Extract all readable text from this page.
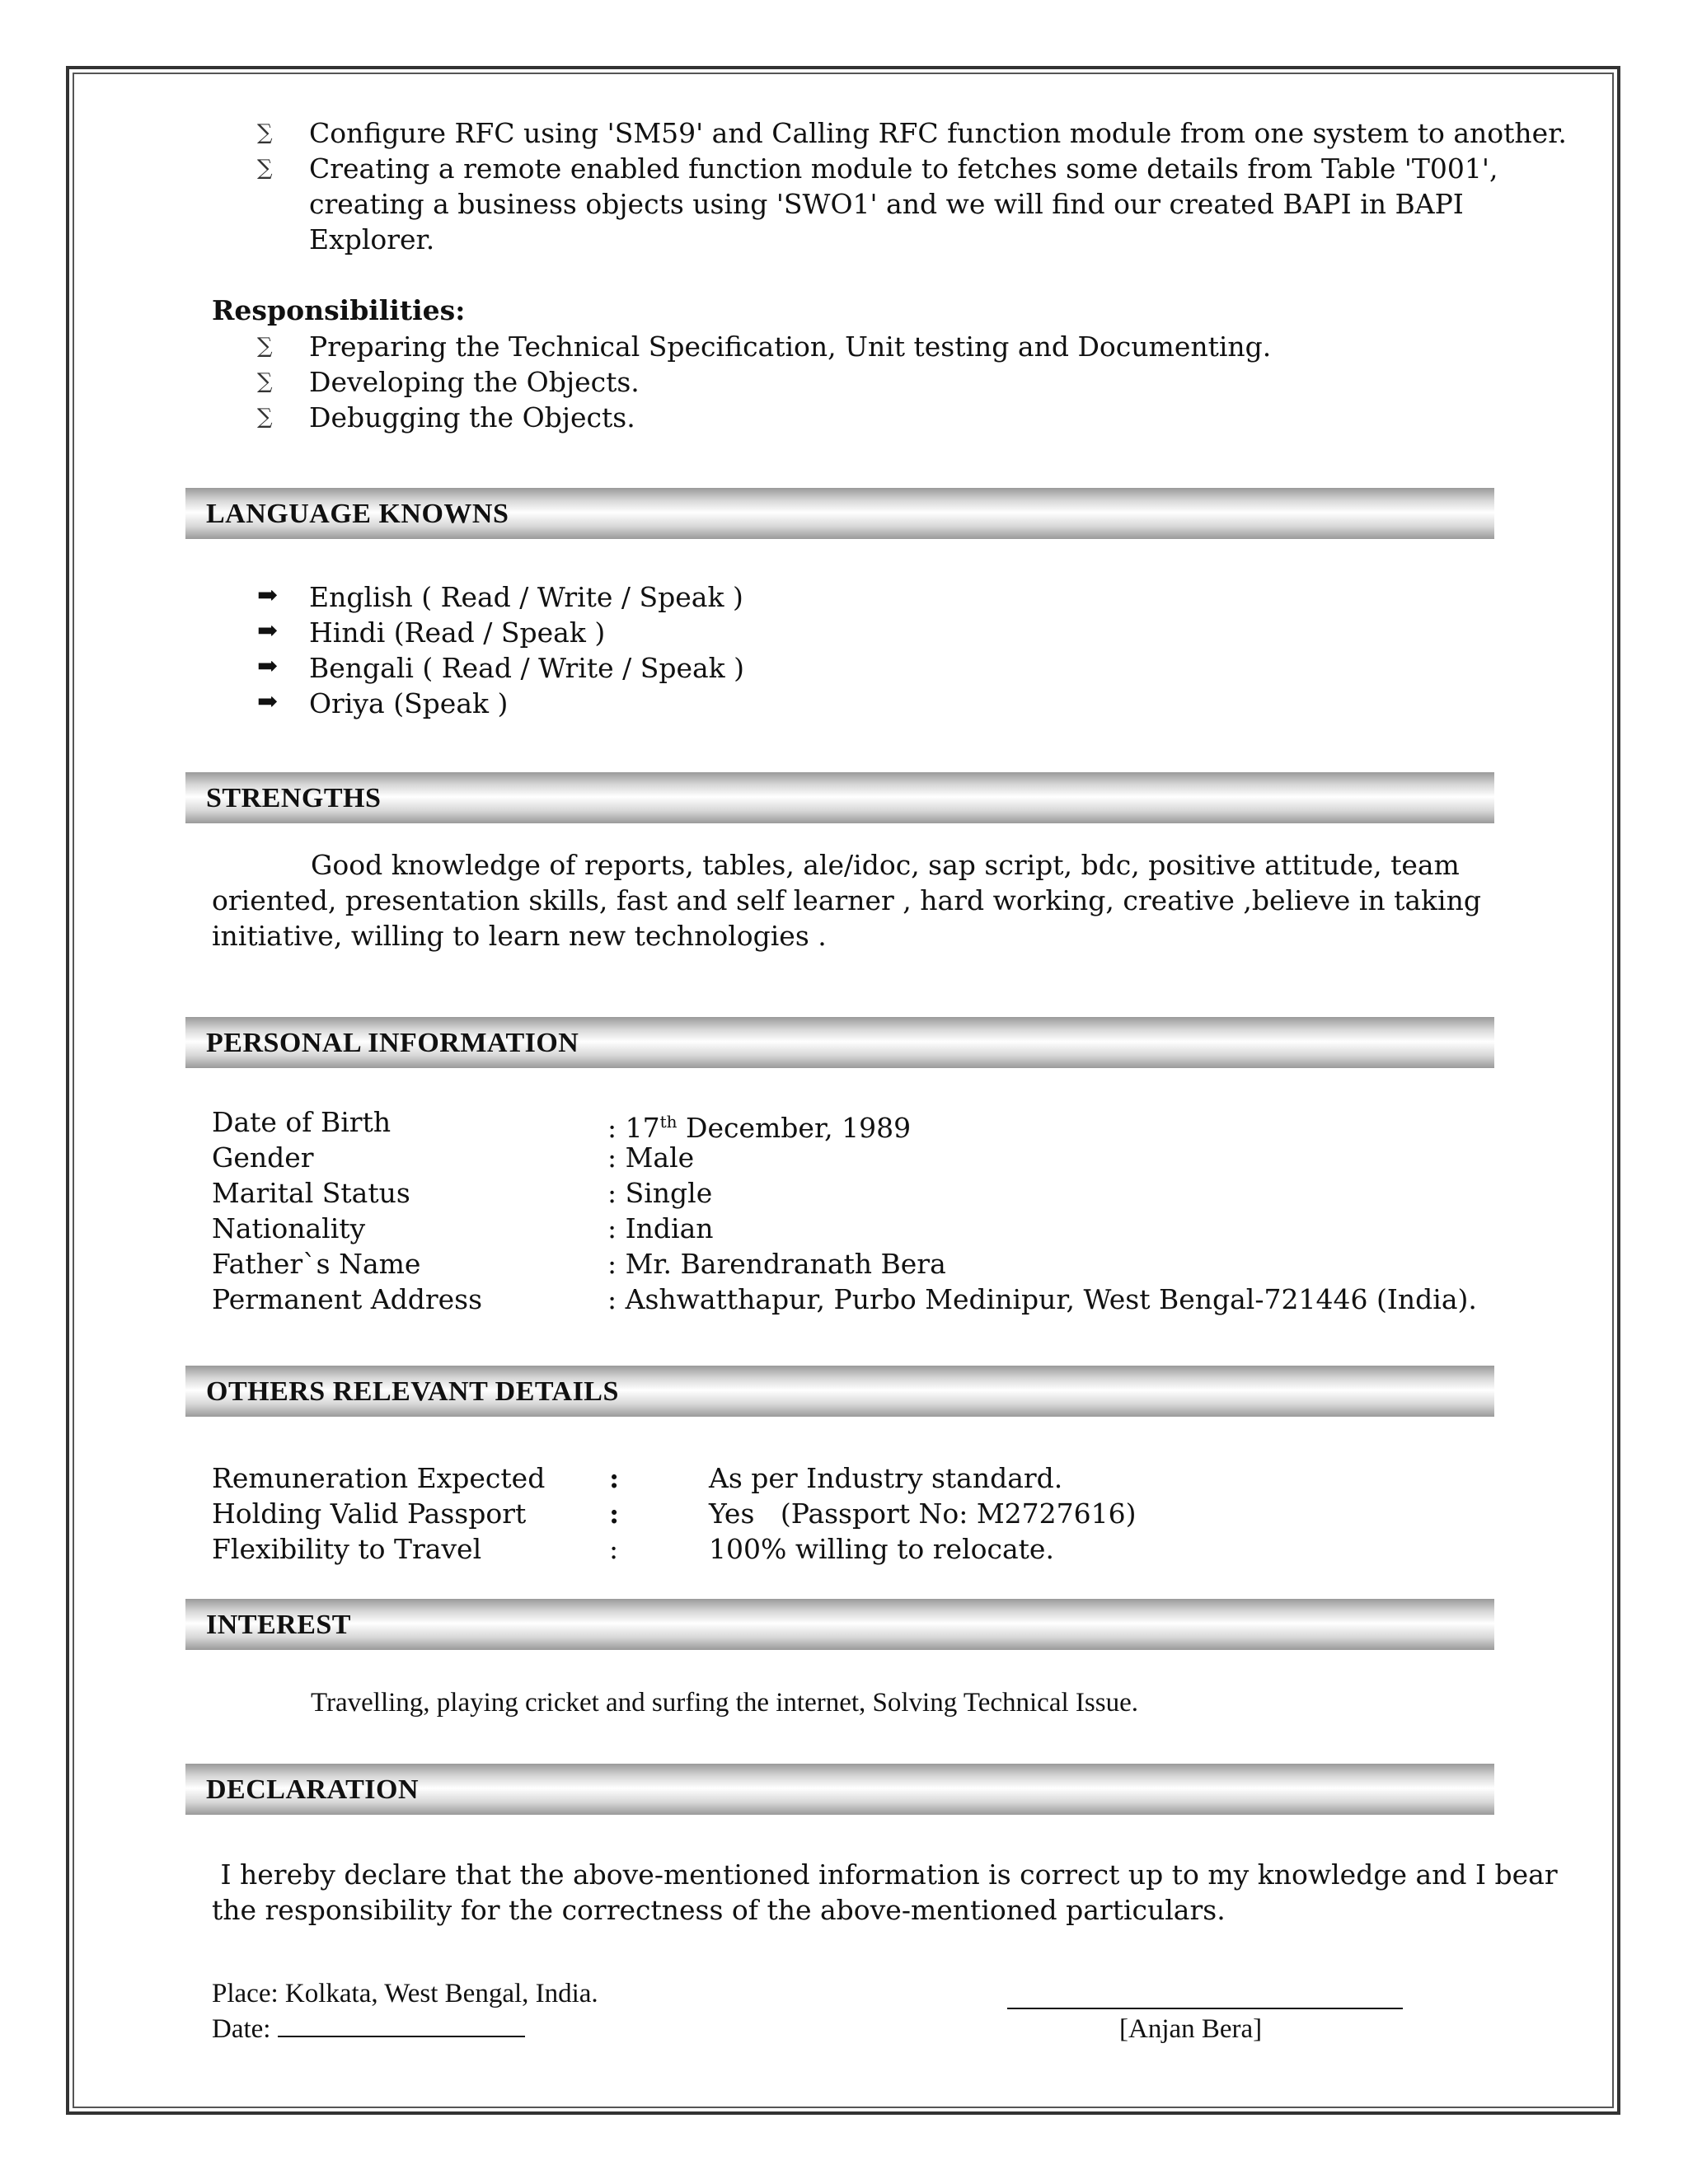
∑ Configure RFC using 'SM59' and Calling RFC function module from one system to another.
∑ Creating a remote enabled function module to fetches some details from Table 'T001',
creating a business objects using 'SWO1' and we will find our created BAPI in BAPI
Explorer.
Responsibilities:
∑ Preparing the Technical Specification, Unit testing and Documenting.
∑ Developing the Objects.
∑ Debugging the Objects.
LANGUAGE KNOWNS
➡ English ( Read / Write / Speak )
➡ Hindi (Read / Speak )
➡ Bengali ( Read / Write / Speak )
➡ Oriya (Speak )
STRENGTHS
Good knowledge of reports, tables, ale/idoc, sap script, bdc, positive attitude, team
oriented, presentation skills, fast and self learner , hard working, creative ,believe in taking
initiative, willing to learn new technologies .
PERSONAL INFORMATION
Date of Birth	: 17th December, 1989
Gender	: Male
Marital Status	: Single
Nationality	: Indian
Father`s Name	: Mr. Barendranath Bera
Permanent Address	: Ashwatthapur, Purbo Medinipur, West Bengal-721446 (India).
OTHERS RELEVANT DETAILS
Remuneration Expected :	As per Industry standard.
Holding Valid Passport	:	Yes   (Passport No: M2727616)
Flexibility to Travel	:	100% willing to relocate.
INTEREST
Travelling, playing cricket and surfing the internet, Solving Technical Issue.
DECLARATION
I hereby declare that the above-mentioned information is correct up to my knowledge and I bear
the responsibility for the correctness of the above-mentioned particulars.
Place: Kolkata, West Bengal, India.
Date:	[Anjan Bera]
